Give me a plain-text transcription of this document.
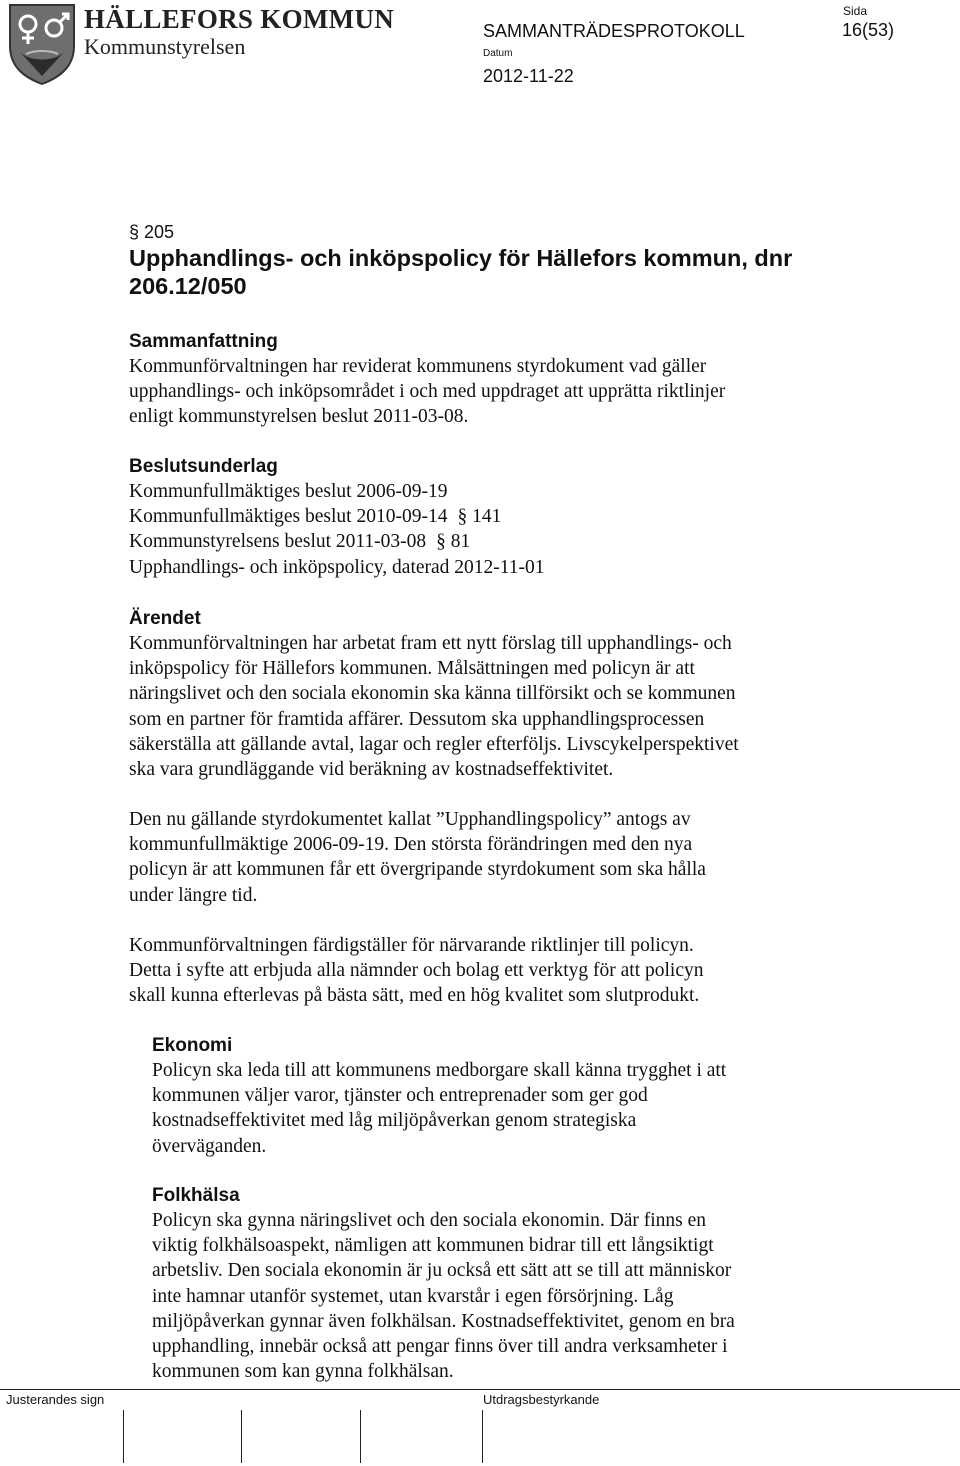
HÄLLEFORS KOMMUN
Kommunstyrelsen
SAMMANTRÄDESPROTOKOLL
Datum
2012-11-22
Sida
16(53)
§ 205
Upphandlings- och inköpspolicy för Hällefors kommun, dnr 206.12/050
Sammanfattning
Kommunförvaltningen har reviderat kommunens styrdokument vad gäller
upphandlings- och inköpsområdet i och med uppdraget att upprätta riktlinjer
enligt kommunstyrelsen beslut 2011-03-08.
Beslutsunderlag
Kommunfullmäktiges beslut 2006-09-19
Kommunfullmäktiges beslut 2010-09-14 § 141
Kommunstyrelsens beslut 2011-03-08 § 81
Upphandlings- och inköpspolicy, daterad 2012-11-01
Ärendet
Kommunförvaltningen har arbetat fram ett nytt förslag till upphandlings- och
inköpspolicy för Hällefors kommunen. Målsättningen med policyn är att
näringslivet och den sociala ekonomin ska känna tillförsikt och se kommunen
som en partner för framtida affärer. Dessutom ska upphandlingsprocessen
säkerställa att gällande avtal, lagar och regler efterföljs. Livscykelperspektivet
ska vara grundläggande vid beräkning av kostnadseffektivitet.
Den nu gällande styrdokumentet kallat ”Upphandlingspolicy” antogs av
kommunfullmäktige 2006-09-19. Den största förändringen med den nya
policyn är att kommunen får ett övergripande styrdokument som ska hålla
under längre tid.
Kommunförvaltningen färdigställer för närvarande riktlinjer till policyn.
Detta i syfte att erbjuda alla nämnder och bolag ett verktyg för att policyn
skall kunna efterlevas på bästa sätt, med en hög kvalitet som slutprodukt.
Ekonomi
Policyn ska leda till att kommunens medborgare skall känna trygghet i att
kommunen väljer varor, tjänster och entreprenader som ger god
kostnadseffektivitet med låg miljöpåverkan genom strategiska
överväganden.
Folkhälsa
Policyn ska gynna näringslivet och den sociala ekonomin. Där finns en
viktig folkhälsoaspekt, nämligen att kommunen bidrar till ett långsiktigt
arbetsliv. Den sociala ekonomin är ju också ett sätt att se till att människor
inte hamnar utanför systemet, utan kvarstår i egen försörjning. Låg
miljöpåverkan gynnar även folkhälsan. Kostnadseffektivitet, genom en bra
upphandling, innebär också att pengar finns över till andra verksamheter i
kommunen som kan gynna folkhälsan.
Justerandes sign	Utdragsbestyrkande
